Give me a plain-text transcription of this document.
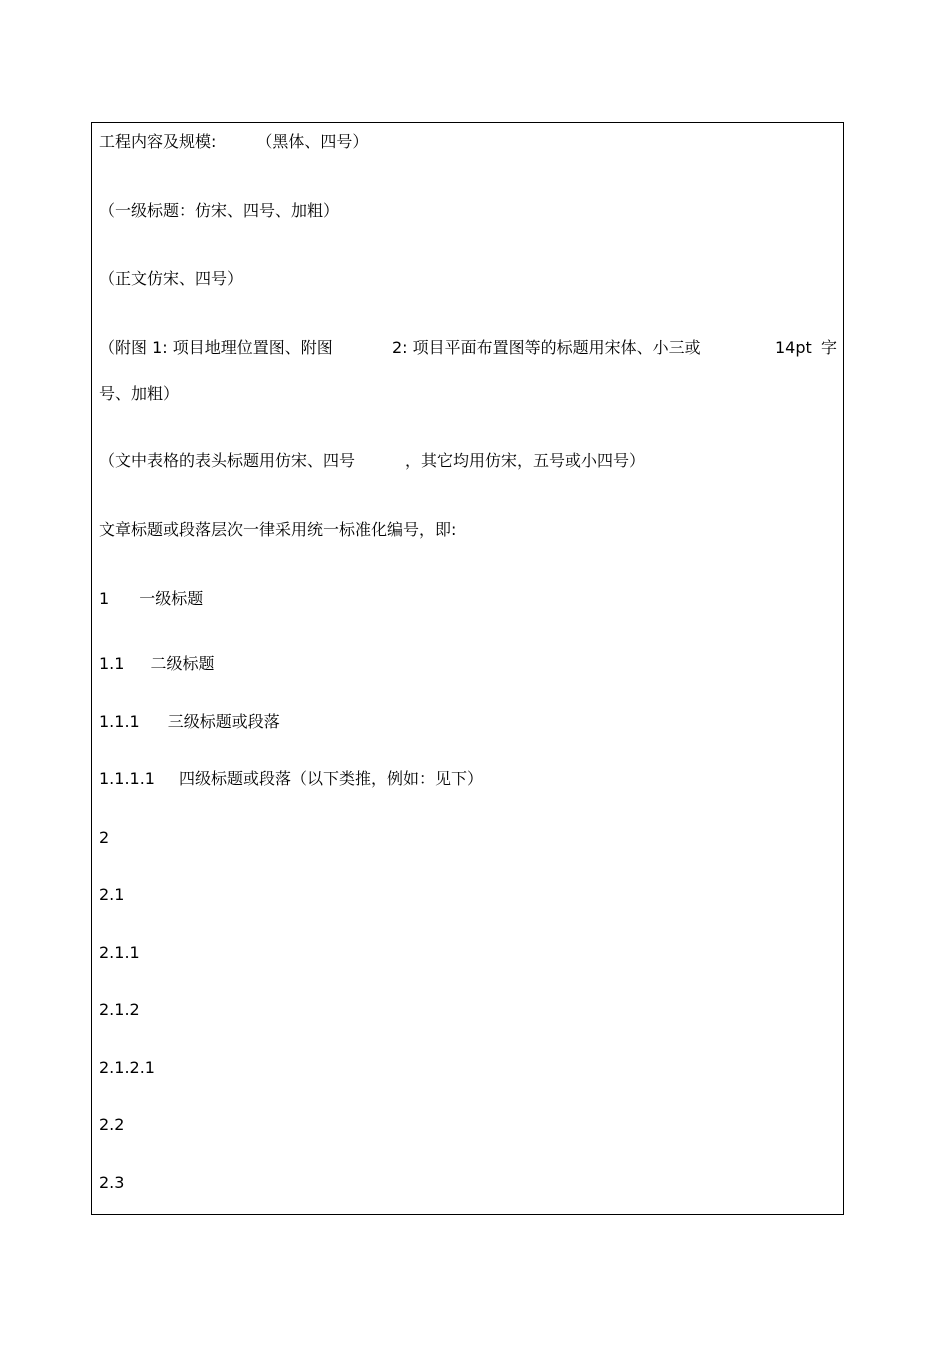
工程内容及规模:	（黑体、四号）
（一级标题：仿宋、四号、加粗）
（正文仿宋、四号）
（附图 1: 项目地理位置图、附图	2: 项目平面布置图等的标题用宋体、小三或	14pt 字
号、加粗）
（文中表格的表头标题用仿宋、四号	，其它均用仿宋，五号或小四号）
文章标题或段落层次一律采用统一标准化编号，即:
1 一级标题
1.1 二级标题
1.1.1 三级标题或段落
1.1.1.1 四级标题或段落（以下类推，例如：见下）
2
2.1
2.1.1
2.1.2
2.1.2.1
2.2
2.3
